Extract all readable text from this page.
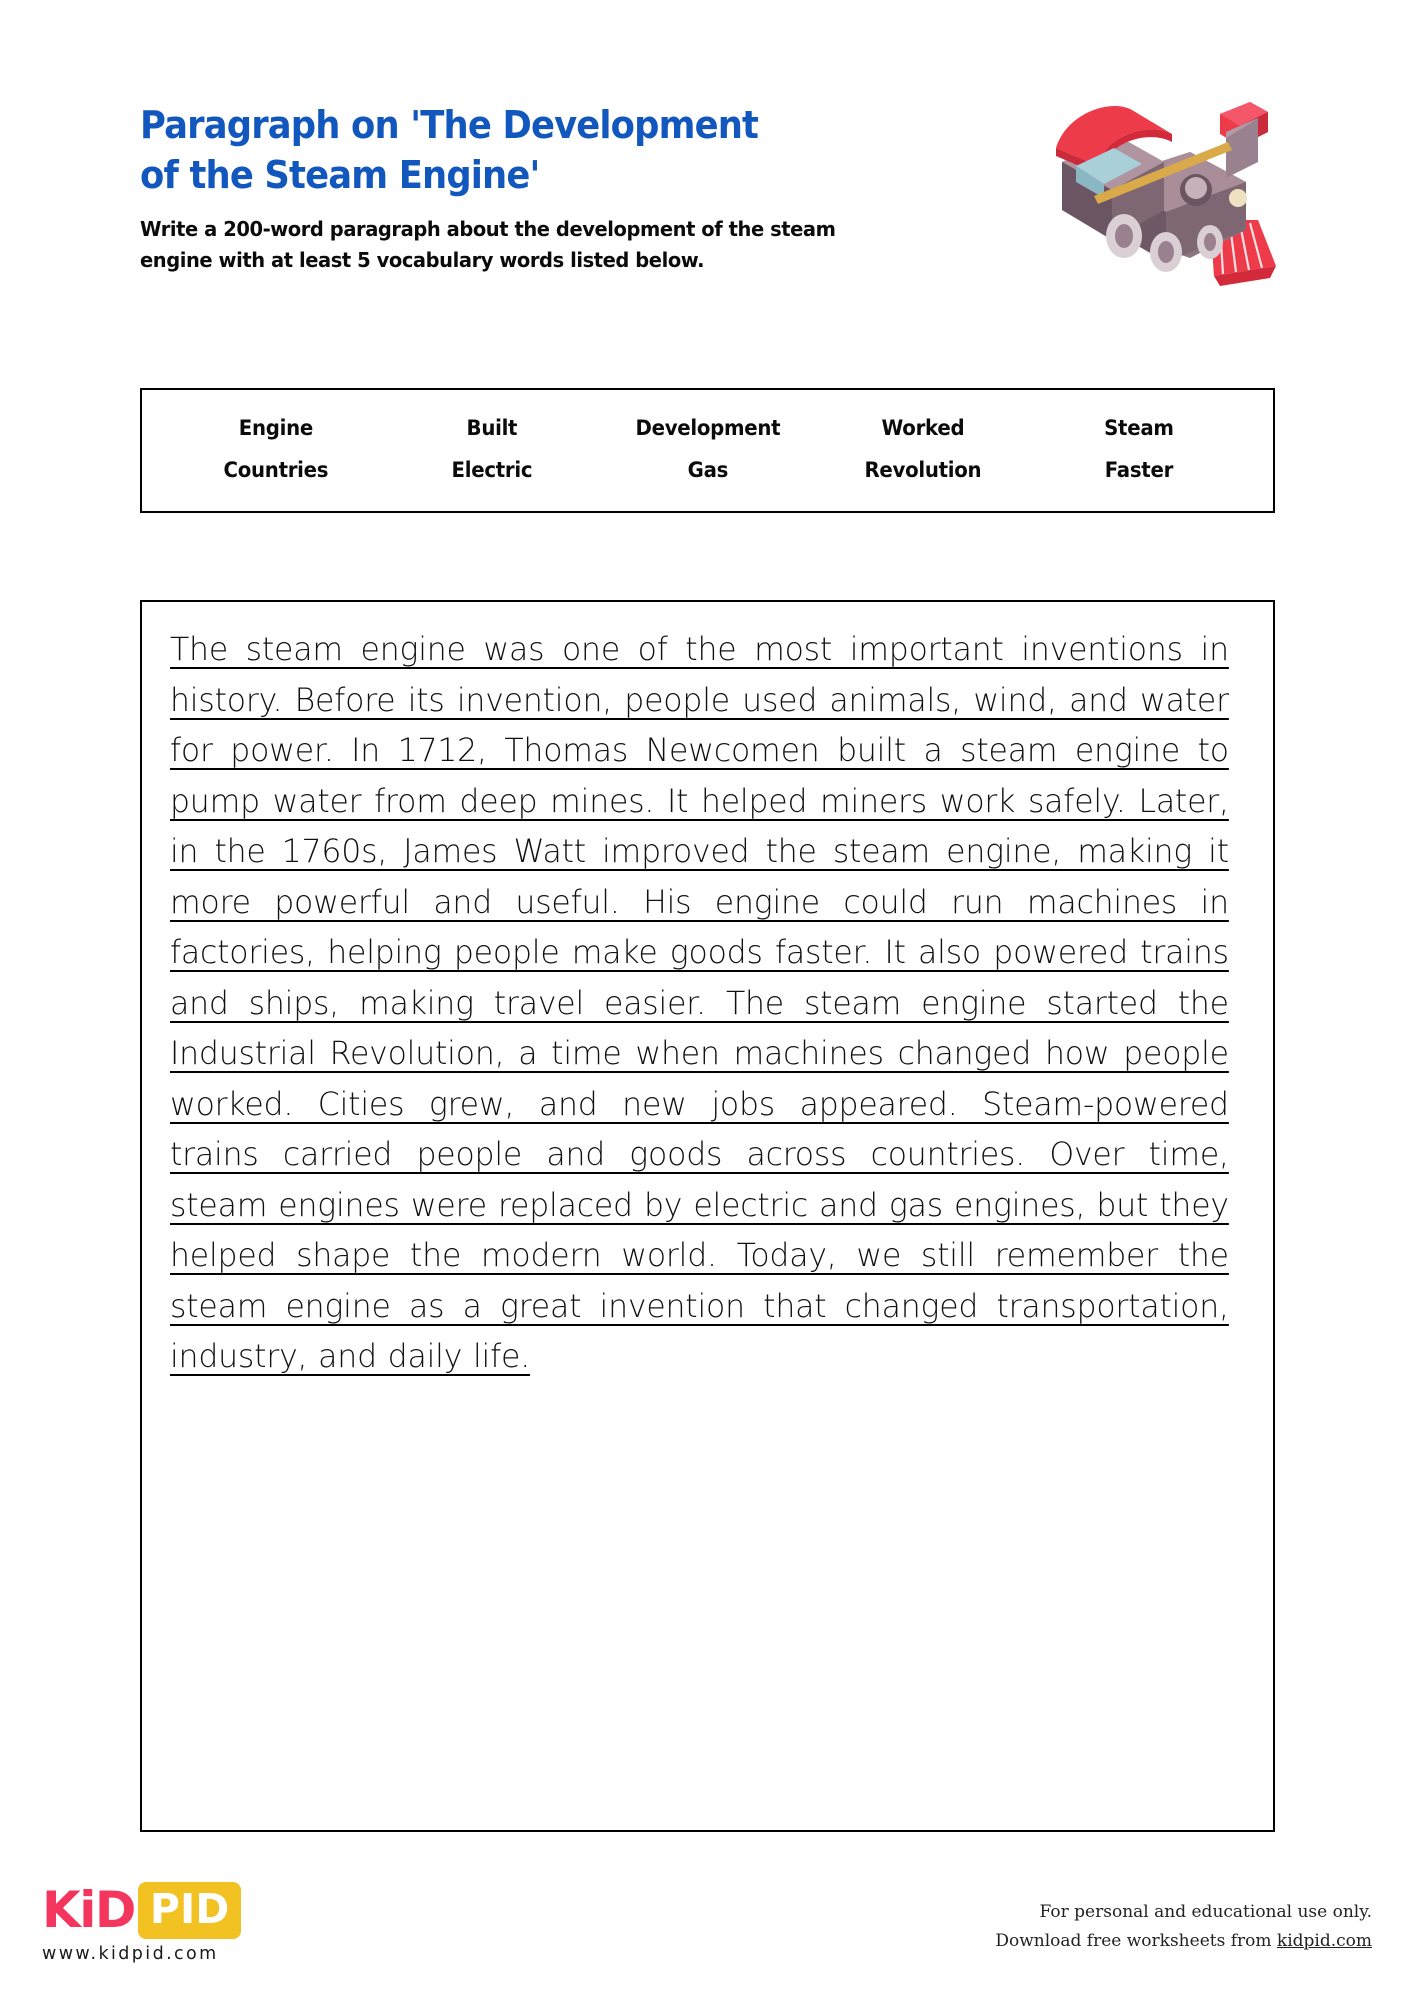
Paragraph on 'The Development of the Steam Engine'

Write a 200-word paragraph about the development of the steam engine with at least 5 vocabulary words listed below.

Engine	Built	Development	Worked	Steam
Countries	Electric	Gas	Revolution	Faster
The steam engine was one of the most important inventions in history. Before its invention, people used animals, wind, and water for power. In 1712, Thomas Newcomen built a steam engine to pump water from deep mines. It helped miners work safely. Later, in the 1760s, James Watt improved the steam engine, making it more powerful and useful. His engine could run machines in factories, helping people make goods faster. It also powered trains and ships, making travel easier. The steam engine started the Industrial Revolution, a time when machines changed how people worked. Cities grew, and new jobs appeared. Steam-powered trains carried people and goods across countries. Over time, steam engines were replaced by electric and gas engines, but they helped shape the modern world. Today, we still remember the steam engine as a great invention that changed transportation, industry, and daily life.
KiD PID
www.kidpid.com
For personal and educational use only.
Download free worksheets from kidpid.com
